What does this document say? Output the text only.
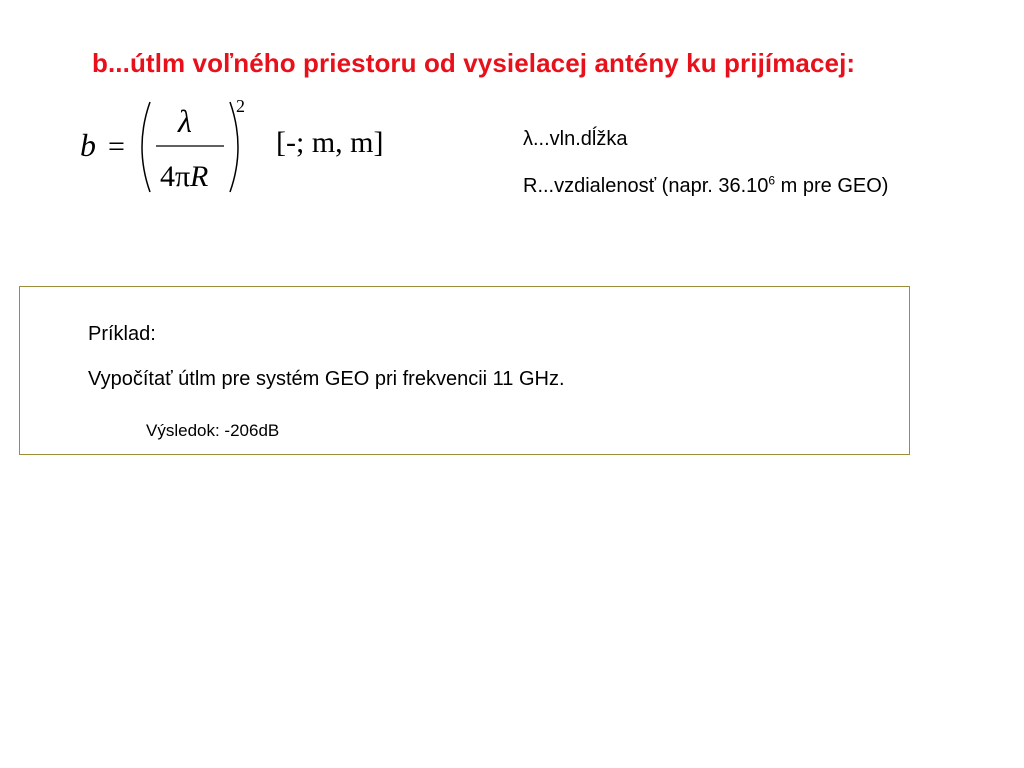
b...útlm voľného priestoru od vysielacej antény ku prijímacej:
b =
λ
4π R
2
[-; m, m]	λ...vln.dĺžka
R...vzdialenosť (napr. 36.10$^6$ m pre GEO)
Príklad:
Vypočítať útlm pre systém GEO pri frekvencii 11 GHz.
Výsledok: -206dB
